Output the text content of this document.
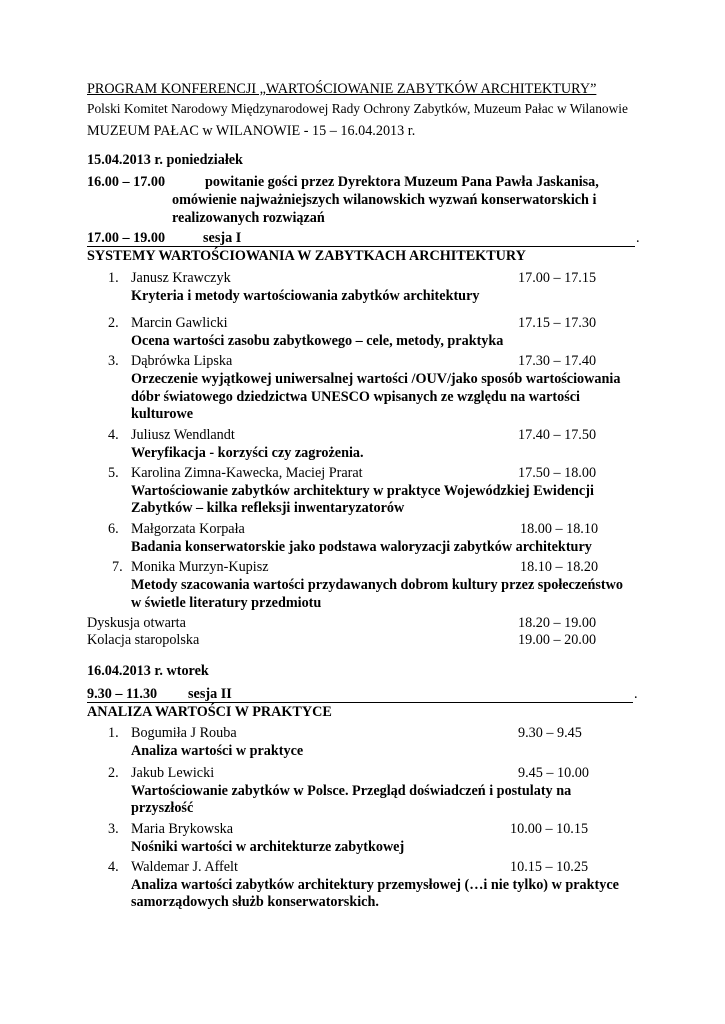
PROGRAM KONFERENCJI „WARTOŚCIOWANIE ZABYTKÓW ARCHITEKTURY”
Polski Komitet Narodowy Międzynarodowej Rady Ochrony Zabytków, Muzeum Pałac w Wilanowie
MUZEUM PAŁAC w WILANOWIE - 15 – 16.04.2013 r.
15.04.2013 r. poniedziałek
16.00 – 17.00	powitanie gości przez Dyrektora Muzeum Pana Pawła Jaskanisa,
omówienie najważniejszych wilanowskich wyzwań konserwatorskich i
realizowanych rozwiązań
17.00 – 19.00	sesja I	.
SYSTEMY WARTOŚCIOWANIA W ZABYTKACH ARCHITEKTURY
1. Janusz Krawczyk	17.00 – 17.15
Kryteria i metody wartościowania zabytków architektury
2. Marcin Gawlicki	17.15 – 17.30
Ocena wartości zasobu zabytkowego – cele, metody, praktyka
3. Dąbrówka Lipska	17.30 – 17.40
Orzeczenie wyjątkowej uniwersalnej wartości /OUV/jako sposób wartościowania
dóbr światowego dziedzictwa UNESCO wpisanych ze względu na wartości
kulturowe
4. Juliusz Wendlandt	17.40 – 17.50
Weryfikacja - korzyści czy zagrożenia.
5. Karolina Zimna-Kawecka, Maciej Prarat	17.50 – 18.00
Wartościowanie zabytków architektury w praktyce Wojewódzkiej Ewidencji
Zabytków – kilka refleksji inwentaryzatorów
6. Małgorzata Korpała	18.00 – 18.10
Badania konserwatorskie jako podstawa waloryzacji zabytków architektury
7. Monika Murzyn-Kupisz	18.10 – 18.20
Metody szacowania wartości przydawanych dobrom kultury przez społeczeństwo
w świetle literatury przedmiotu
Dyskusja otwarta	18.20 – 19.00
Kolacja staropolska	19.00 – 20.00
16.04.2013 r. wtorek
9.30 – 11.30 sesja II	.
ANALIZA WARTOŚCI W PRAKTYCE
1. Bogumiła J Rouba	9.30 – 9.45
Analiza wartości w praktyce
2. Jakub Lewicki	9.45 – 10.00
Wartościowanie zabytków w Polsce. Przegląd doświadczeń i postulaty na
przyszłość
3. Maria Brykowska	10.00 – 10.15
Nośniki wartości w architekturze zabytkowej
4. Waldemar J. Affelt	10.15 – 10.25
Analiza wartości zabytków architektury przemysłowej (…i nie tylko) w praktyce
samorządowych służb konserwatorskich.
